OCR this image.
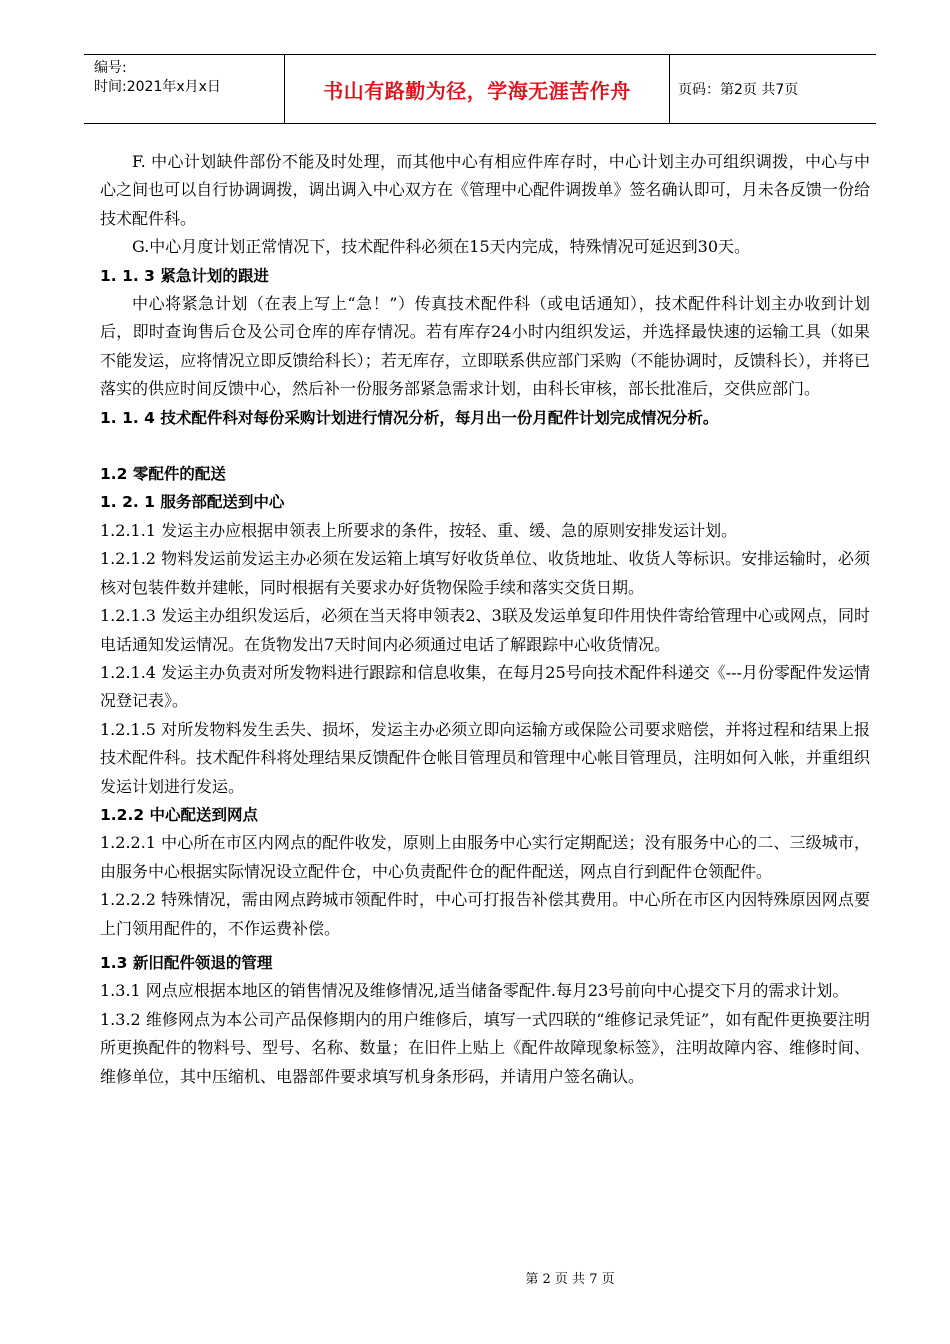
编号:
时间:2021年x月x日	书山有路勤为径，学海无涯苦作舟	页码：第2页 共7页
F. 中心计划缺件部份不能及时处理，而其他中心有相应件库存时，中心计划主办可组织调拨，中心与中心之间也可以自行协调调拨，调出调入中心双方在《管理中心配件调拨单》签名确认即可，月未各反馈一份给技术配件科。
G.中心月度计划正常情况下，技术配件科必须在15天内完成，特殊情况可延迟到30天。
1. 1. 3 紧急计划的跟进
中心将紧急计划（在表上写上“急！”）传真技术配件科（或电话通知），技术配件科计划主办收到计划后，即时查询售后仓及公司仓库的库存情况。若有库存24小时内组织发运，并选择最快速的运输工具（如果不能发运，应将情况立即反馈给科长）；若无库存，立即联系供应部门采购（不能协调时，反馈科长），并将已落实的供应时间反馈中心，然后补一份服务部紧急需求计划，由科长审核，部长批准后，交供应部门。
1. 1. 4 技术配件科对每份采购计划进行情况分析，每月出一份月配件计划完成情况分析。
1.2 零配件的配送
1. 2. 1 服务部配送到中心
1.2.1.1 发运主办应根据申领表上所要求的条件，按轻、重、缓、急的原则安排发运计划。
1.2.1.2 物料发运前发运主办必须在发运箱上填写好收货单位、收货地址、收货人等标识。安排运输时，必须核对包装件数并建帐，同时根据有关要求办好货物保险手续和落实交货日期。
1.2.1.3 发运主办组织发运后，必须在当天将申领表2、3联及发运单复印件用快件寄给管理中心或网点，同时电话通知发运情况。在货物发出7天时间内必须通过电话了解跟踪中心收货情况。
1.2.1.4 发运主办负责对所发物料进行跟踪和信息收集，在每月25号向技术配件科递交《---月份零配件发运情况登记表》。
1.2.1.5 对所发物料发生丢失、损坏，发运主办必须立即向运输方或保险公司要求赔偿，并将过程和结果上报技术配件科。技术配件科将处理结果反馈配件仓帐目管理员和管理中心帐目管理员，注明如何入帐，并重组织发运计划进行发运。
1.2.2 中心配送到网点
1.2.2.1 中心所在市区内网点的配件收发，原则上由服务中心实行定期配送；没有服务中心的二、三级城市，由服务中心根据实际情况设立配件仓，中心负责配件仓的配件配送，网点自行到配件仓领配件。
1.2.2.2 特殊情况，需由网点跨城市领配件时，中心可打报告补偿其费用。中心所在市区内因特殊原因网点要上门领用配件的，不作运费补偿。
1.3 新旧配件领退的管理
1.3.1 网点应根据本地区的销售情况及维修情况,适当储备零配件.每月23号前向中心提交下月的需求计划。
1.3.2 维修网点为本公司产品保修期内的用户维修后，填写一式四联的“维修记录凭证”，如有配件更换要注明所更换配件的物料号、型号、名称、数量；在旧件上贴上《配件故障现象标签》，注明故障内容、维修时间、维修单位，其中压缩机、电器部件要求填写机身条形码，并请用户签名确认。
第 2 页 共 7 页
